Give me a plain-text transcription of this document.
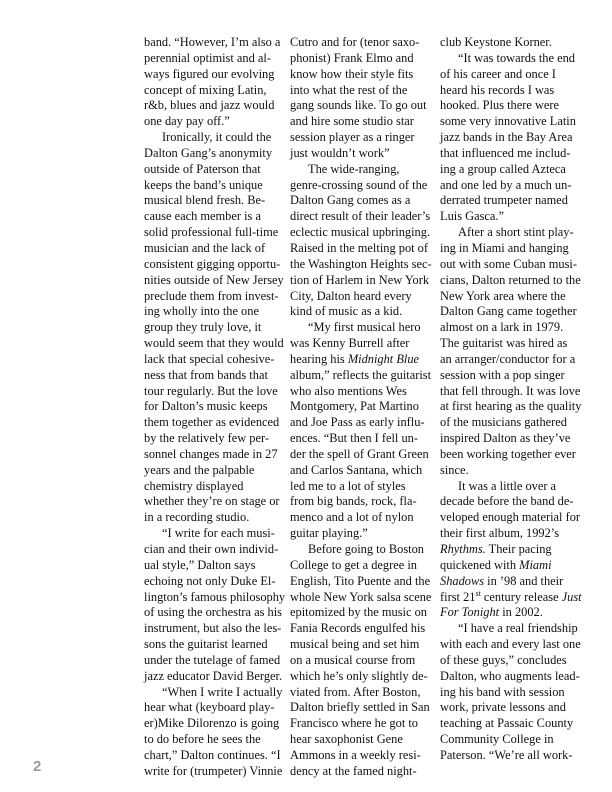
band. “However, I’m also a
perennial optimist and al-
ways figured our evolving
concept of mixing Latin,
r&b, blues and jazz would
one day pay off.”
Ironically, it could the
Dalton Gang’s anonymity
outside of Paterson that
keeps the band’s unique
musical blend fresh. Be-
cause each member is a
solid professional full-time
musician and the lack of
consistent gigging opportu-
nities outside of New Jersey
preclude them from invest-
ing wholly into the one
group they truly love, it
would seem that they would
lack that special cohesive-
ness that from bands that
tour regularly. But the love
for Dalton’s music keeps
them together as evidenced
by the relatively few per-
sonnel changes made in 27
years and the palpable
chemistry displayed
whether they’re on stage or
in a recording studio.
“I write for each musi-
cian and their own individ-
ual style,” Dalton says
echoing not only Duke El-
lington’s famous philosophy
of using the orchestra as his
instrument, but also the les-
sons the guitarist learned
under the tutelage of famed
jazz educator David Berger.
“When I write I actually
hear what (keyboard play-
er)Mike Dilorenzo is going
to do before he sees the
chart,” Dalton continues. “I
write for (trumpeter) Vinnie
Cutro and for (tenor saxo-
phonist) Frank Elmo and
know how their style fits
into what the rest of the
gang sounds like. To go out
and hire some studio star
session player as a ringer
just wouldn’t work”
The wide-ranging,
genre-crossing sound of the
Dalton Gang comes as a
direct result of their leader’s
eclectic musical upbringing.
Raised in the melting pot of
the Washington Heights sec-
tion of Harlem in New York
City, Dalton heard every
kind of music as a kid.
“My first musical hero
was Kenny Burrell after
hearing his Midnight Blue
album,” reflects the guitarist
who also mentions Wes
Montgomery, Pat Martino
and Joe Pass as early influ-
ences. “But then I fell un-
der the spell of Grant Green
and Carlos Santana, which
led me to a lot of styles
from big bands, rock, fla-
menco and a lot of nylon
guitar playing.”
Before going to Boston
College to get a degree in
English, Tito Puente and the
whole New York salsa scene
epitomized by the music on
Fania Records engulfed his
musical being and set him
on a musical course from
which he’s only slightly de-
viated from. After Boston,
Dalton briefly settled in San
Francisco where he got to
hear saxophonist Gene
Ammons in a weekly resi-
dency at the famed night-
club Keystone Korner.
“It was towards the end
of his career and once I
heard his records I was
hooked. Plus there were
some very innovative Latin
jazz bands in the Bay Area
that influenced me includ-
ing a group called Azteca
and one led by a much un-
derrated trumpeter named
Luis Gasca.”
After a short stint play-
ing in Miami and hanging
out with some Cuban musi-
cians, Dalton returned to the
New York area where the
Dalton Gang came together
almost on a lark in 1979.
The guitarist was hired as
an arranger/conductor for a
session with a pop singer
that fell through. It was love
at first hearing as the quality
of the musicians gathered
inspired Dalton as they’ve
been working together ever
since.
It was a little over a
decade before the band de-
veloped enough material for
their first album, 1992’s
Rhythms. Their pacing
quickened with Miami
Shadows in ’98 and their
first 21st century release Just
For Tonight in 2002.
“I have a real friendship
with each and every last one
of these guys,” concludes
Dalton, who augments lead-
ing his band with session
work, private lessons and
teaching at Passaic County
Community College in
Paterson. “We’re all work-
2
